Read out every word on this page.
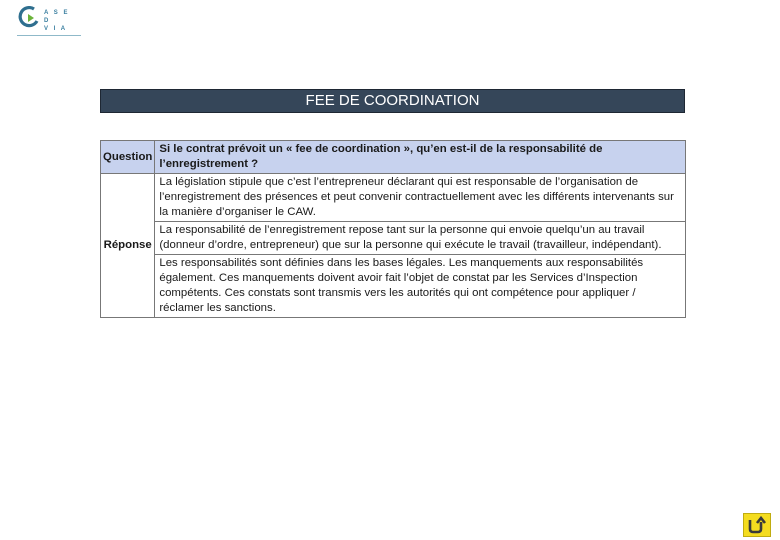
A S E D
V I A
FEE DE COORDINATION
Question	Si le contrat prévoit un « fee de coordination », qu’en est-il de la responsabilité de l’enregistrement ?
Réponse	La législation stipule que c’est l’entrepreneur déclarant qui est responsable de l’organisation de l’enregistrement des présences et peut convenir contractuellement avec les différents intervenants sur la manière d’organiser le CAW.
	La responsabilité de l’enregistrement repose tant sur la personne qui envoie quelqu’un au travail (donneur d’ordre, entrepreneur) que sur la personne qui exécute le travail (travailleur, indépendant).
	Les responsabilités sont définies dans les bases légales. Les manquements aux responsabilités également. Ces manquements doivent avoir fait l’objet de constat par les Services d’Inspection compétents. Ces constats sont transmis vers les autorités qui ont compétence pour appliquer / réclamer les sanctions.
